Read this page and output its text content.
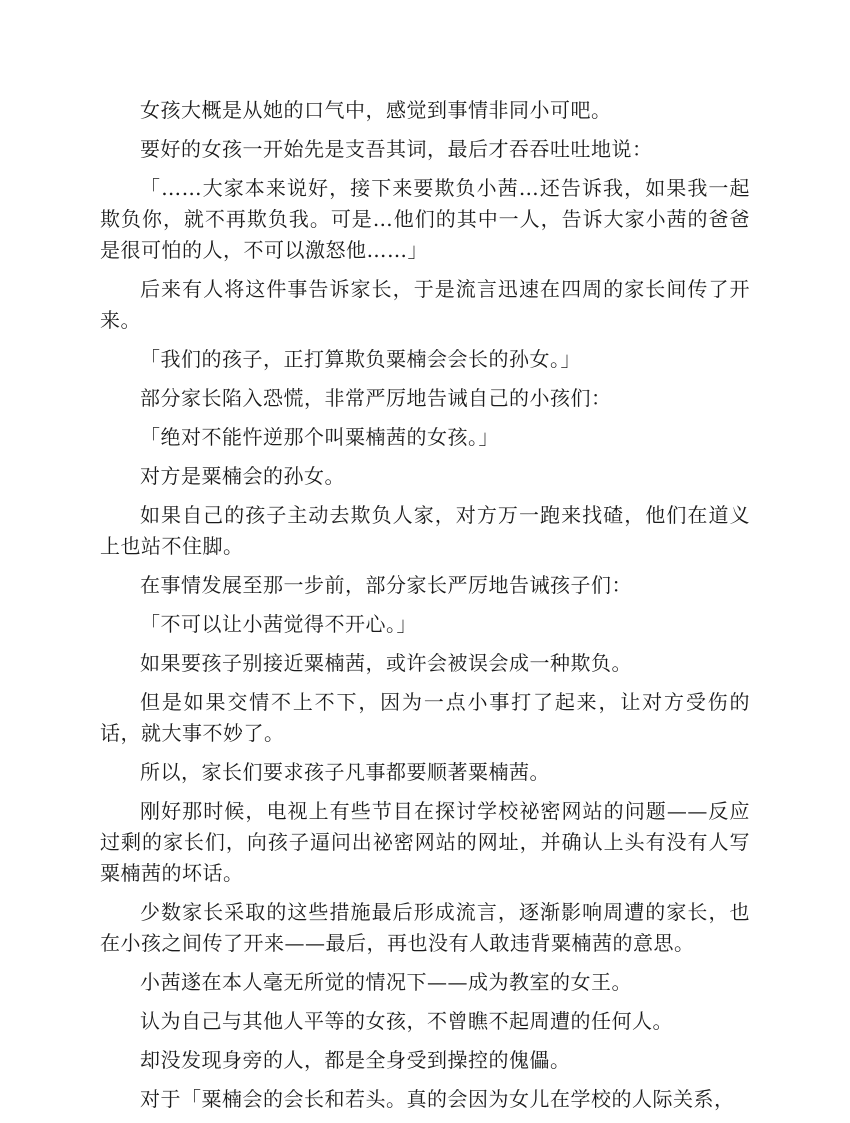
女孩大概是从她的口气中，感觉到事情非同小可吧。

要好的女孩一开始先是支吾其词，最后才吞吞吐吐地说：

「……大家本来说好，接下来要欺负小茜…还告诉我，如果我一起欺负你，就不再欺负我。可是…他们的其中一人，告诉大家小茜的爸爸是很可怕的人，不可以激怒他……」

后来有人将这件事告诉家长，于是流言迅速在四周的家长间传了开来。

「我们的孩子，正打算欺负粟楠会会长的孙女。」

部分家长陷入恐慌，非常严厉地告诫自己的小孩们：

「绝对不能忤逆那个叫粟楠茜的女孩。」

对方是粟楠会的孙女。

如果自己的孩子主动去欺负人家，对方万一跑来找碴，他们在道义上也站不住脚。

在事情发展至那一步前，部分家长严厉地告诫孩子们：

「不可以让小茜觉得不开心。」

如果要孩子别接近粟楠茜，或许会被误会成一种欺负。

但是如果交情不上不下，因为一点小事打了起来，让对方受伤的话，就大事不妙了。

所以，家长们要求孩子凡事都要顺著粟楠茜。

刚好那时候，电视上有些节目在探讨学校祕密网站的问题——反应过剩的家长们，向孩子逼问出祕密网站的网址，并确认上头有没有人写粟楠茜的坏话。

少数家长采取的这些措施最后形成流言，逐渐影响周遭的家长，也在小孩之间传了开来——最后，再也没有人敢违背粟楠茜的意思。

小茜遂在本人毫无所觉的情况下——成为教室的女王。

认为自己与其他人平等的女孩，不曾瞧不起周遭的任何人。

却没发现身旁的人，都是全身受到操控的傀儡。

对于「粟楠会的会长和若头。真的会因为女儿在学校的人际关系，
